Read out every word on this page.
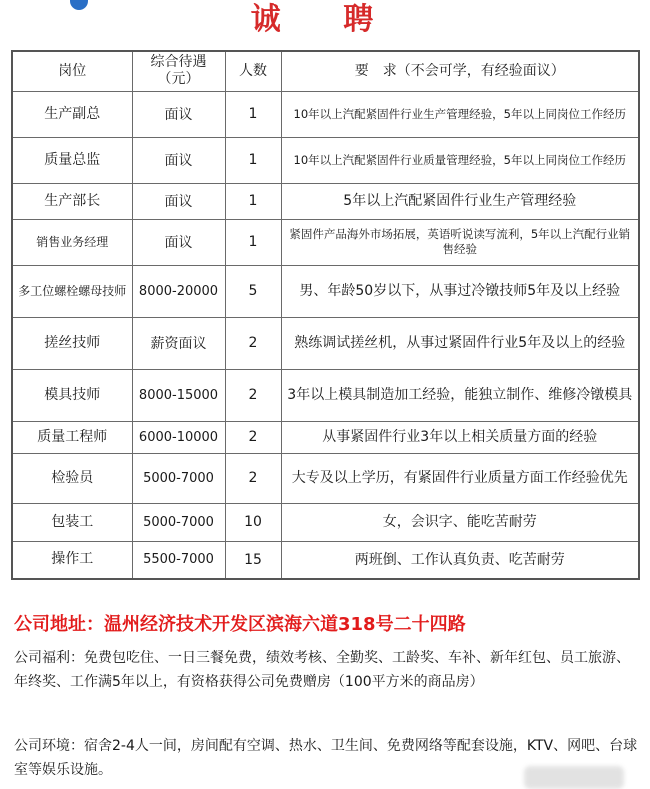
诚 聘
岗位	综合待遇（元）	人数	要　求（不会可学，有经验面议）
生产副总	面议	1	10年以上汽配紧固件行业生产管理经验，5年以上同岗位工作经历
质量总监	面议	1	10年以上汽配紧固件行业质量管理经验，5年以上同岗位工作经历
生产部长	面议	1	5年以上汽配紧固件行业生产管理经验
销售业务经理	面议	1	紧固件产品海外市场拓展，英语听说读写流利，5年以上汽配行业销售经验
多工位螺栓螺母技师	8000-20000	5	男、年龄50岁以下，从事过冷镦技师5年及以上经验
搓丝技师	薪资面议	2	熟练调试搓丝机，从事过紧固件行业5年及以上的经验
模具技师	8000-15000	2	3年以上模具制造加工经验，能独立制作、维修冷镦模具
质量工程师	6000-10000	2	从事紧固件行业3年以上相关质量方面的经验
检验员	5000-7000	2	大专及以上学历，有紧固件行业质量方面工作经验优先
包装工	5000-7000	10	女，会识字、能吃苦耐劳
操作工	5500-7000	15	两班倒、工作认真负责、吃苦耐劳
公司地址：温州经济技术开发区滨海六道318号二十四路
公司福利：免费包吃住、一日三餐免费，绩效考核、全勤奖、工龄奖、车补、新年红包、员工旅游、年终奖、工作满5年以上，有资格获得公司免费赠房（100平方米的商品房）
公司环境：宿舍2-4人一间，房间配有空调、热水、卫生间、免费网络等配套设施，KTV、网吧、台球室等娱乐设施。
